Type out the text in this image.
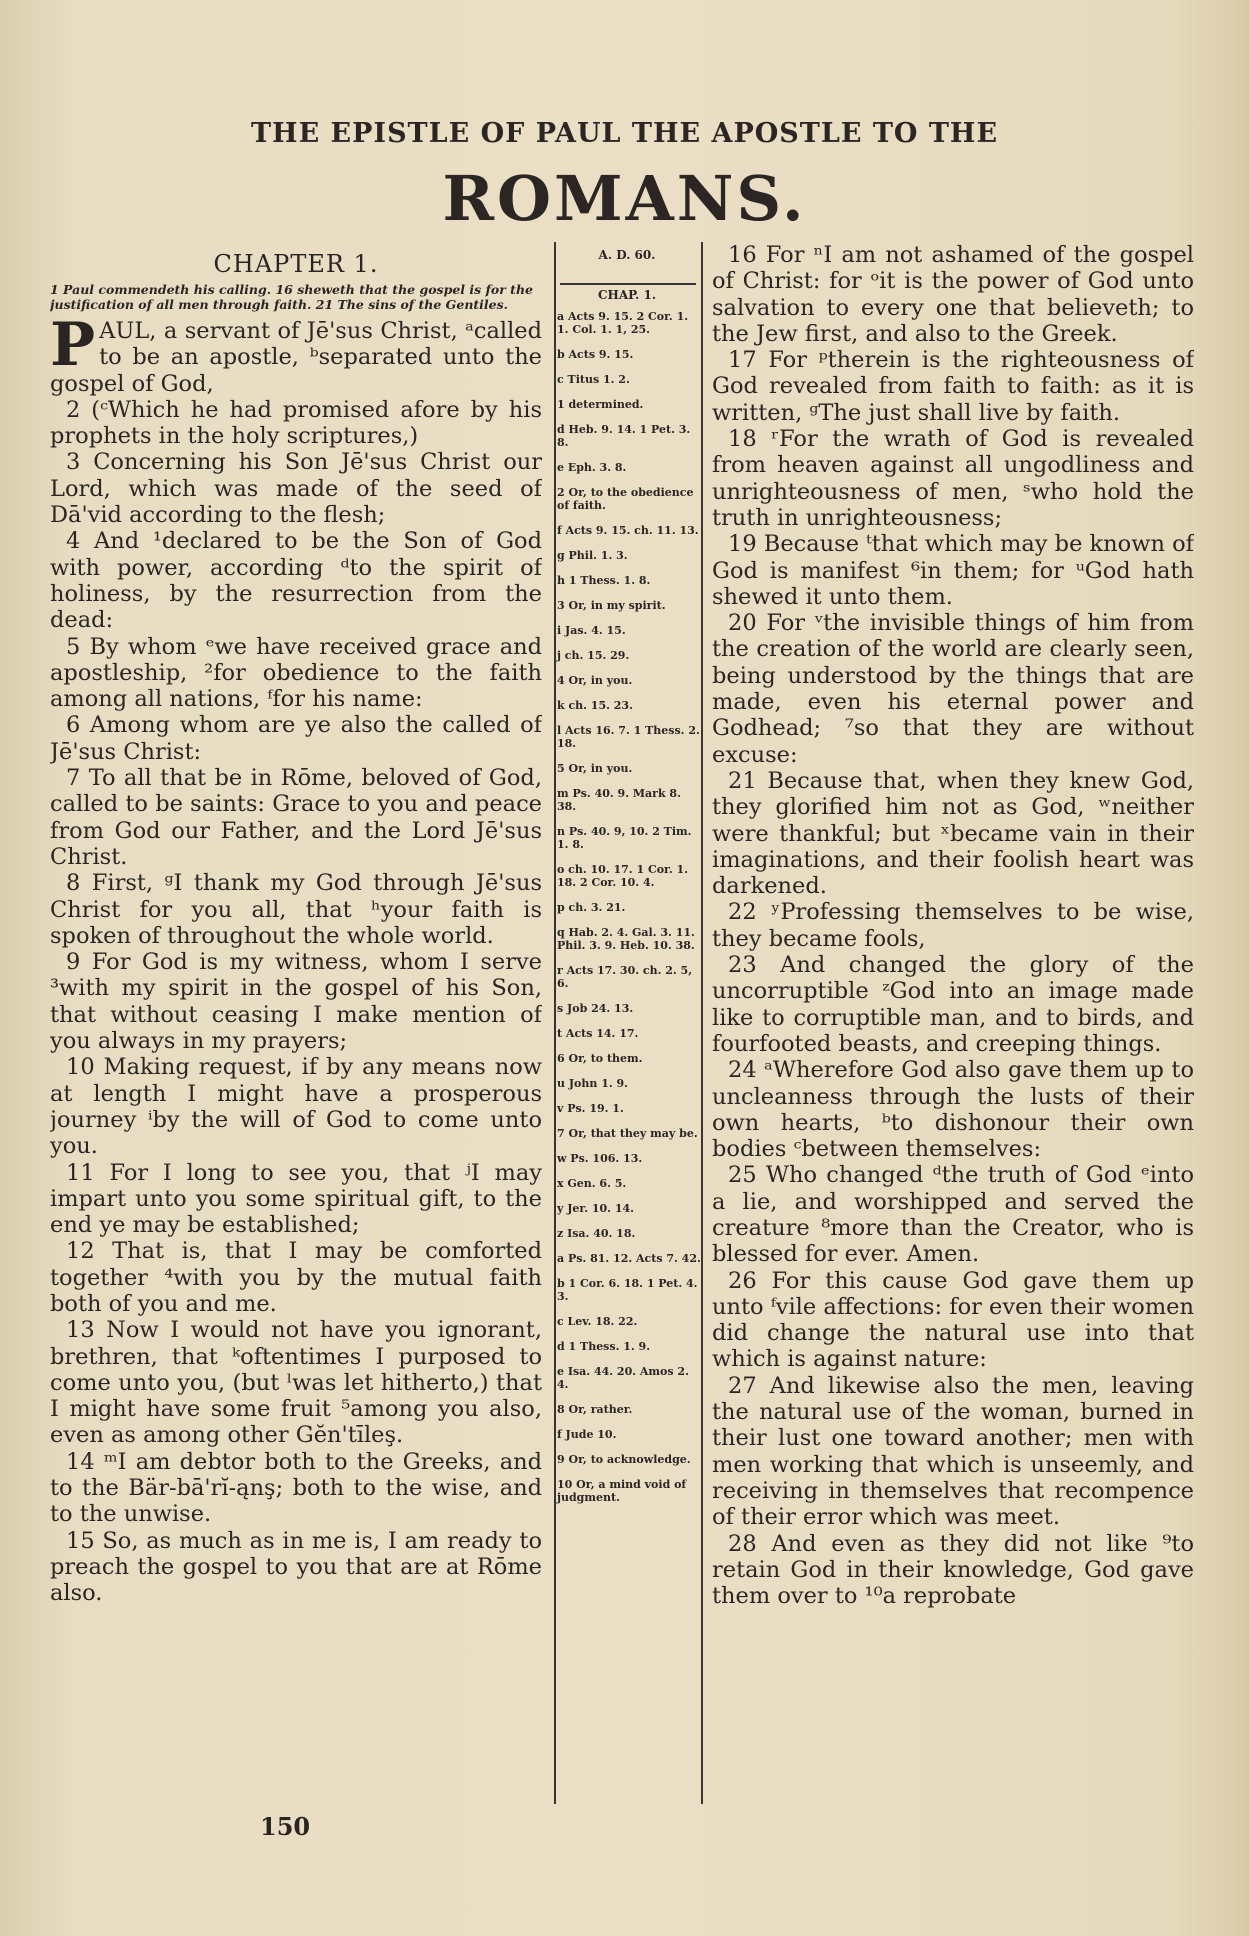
THE EPISTLE OF PAUL THE APOSTLE TO THE
ROMANS.
CHAPTER 1.

1 Paul commendeth his calling. 16 sheweth that the gospel is for the justification of all men through faith. 21 The sins of the Gentiles.

PAUL, a servant of Jē'sus Christ, ᵃcalled to be an apostle, ᵇseparated unto the gospel of God,

2 (ᶜWhich he had promised afore by his prophets in the holy scriptures,)

3 Concerning his Son Jē'sus Christ our Lord, which was made of the seed of Dā'vid according to the flesh;

4 And ¹declared to be the Son of God with power, according ᵈto the spirit of holiness, by the resurrection from the dead:

5 By whom ᵉwe have received grace and apostleship, ²for obedience to the faith among all nations, ᶠfor his name:

6 Among whom are ye also the called of Jē'sus Christ:

7 To all that be in Rōme, beloved of God, called to be saints: Grace to you and peace from God our Father, and the Lord Jē'sus Christ.

8 First, ᵍI thank my God through Jē'sus Christ for you all, that ʰyour faith is spoken of throughout the whole world.

9 For God is my witness, whom I serve ³with my spirit in the gospel of his Son, that without ceasing I make mention of you always in my prayers;

10 Making request, if by any means now at length I might have a prosperous journey ⁱby the will of God to come unto you.

11 For I long to see you, that ʲI may impart unto you some spiritual gift, to the end ye may be established;

12 That is, that I may be comforted together ⁴with you by the mutual faith both of you and me.

13 Now I would not have you ignorant, brethren, that ᵏoftentimes I purposed to come unto you, (but ˡwas let hitherto,) that I might have some fruit ⁵among you also, even as among other Gĕn'tīleş.

14 ᵐI am debtor both to the Greeks, and to the Bär-bā'rĭ-ąnş; both to the wise, and to the unwise.

15 So, as much as in me is, I am ready to preach the gospel to you that are at Rōme also.

A. D. 60.
CHAP. 1.
a Acts 9. 15. 2 Cor. 1. 1. Col. 1. 1, 25.
b Acts 9. 15.
c Titus 1. 2.
1 determined.
d Heb. 9. 14. 1 Pet. 3. 8.
e Eph. 3. 8.
2 Or, to the obedience of faith.
f Acts 9. 15. ch. 11. 13.
g Phil. 1. 3.
h 1 Thess. 1. 8.
3 Or, in my spirit.
i Jas. 4. 15.
j ch. 15. 29.
4 Or, in you.
k ch. 15. 23.
l Acts 16. 7. 1 Thess. 2. 18.
5 Or, in you.
m Ps. 40. 9. Mark 8. 38.
n Ps. 40. 9, 10. 2 Tim. 1. 8.
o ch. 10. 17. 1 Cor. 1. 18. 2 Cor. 10. 4.
p ch. 3. 21.
q Hab. 2. 4. Gal. 3. 11. Phil. 3. 9. Heb. 10. 38.
r Acts 17. 30. ch. 2. 5, 6.
s Job 24. 13.
t Acts 14. 17.
6 Or, to them.
u John 1. 9.
v Ps. 19. 1.
7 Or, that they may be.
w Ps. 106. 13.
x Gen. 6. 5.
y Jer. 10. 14.
z Isa. 40. 18.
a Ps. 81. 12. Acts 7. 42.
b 1 Cor. 6. 18. 1 Pet. 4. 3.
c Lev. 18. 22.
d 1 Thess. 1. 9.
e Isa. 44. 20. Amos 2. 4.
8 Or, rather.
f Jude 10.
9 Or, to acknowledge.
10 Or, a mind void of judgment.

16 For ⁿI am not ashamed of the gospel of Christ: for ᵒit is the power of God unto salvation to every one that believeth; to the Jew first, and also to the Greek.

17 For ᵖtherein is the righteousness of God revealed from faith to faith: as it is written, ᵍThe just shall live by faith.

18 ʳFor the wrath of God is revealed from heaven against all ungodliness and unrighteousness of men, ˢwho hold the truth in unrighteousness;

19 Because ᵗthat which may be known of God is manifest ⁶in them; for ᵘGod hath shewed it unto them.

20 For ᵛthe invisible things of him from the creation of the world are clearly seen, being understood by the things that are made, even his eternal power and Godhead; ⁷so that they are without excuse:

21 Because that, when they knew God, they glorified him not as God, ʷneither were thankful; but ˣbecame vain in their imaginations, and their foolish heart was darkened.

22 ʸProfessing themselves to be wise, they became fools,

23 And changed the glory of the uncorruptible ᶻGod into an image made like to corruptible man, and to birds, and fourfooted beasts, and creeping things.

24 ᵃWherefore God also gave them up to uncleanness through the lusts of their own hearts, ᵇto dishonour their own bodies ᶜbetween themselves:

25 Who changed ᵈthe truth of God ᵉinto a lie, and worshipped and served the creature ⁸more than the Creator, who is blessed for ever. Amen.

26 For this cause God gave them up unto ᶠvile affections: for even their women did change the natural use into that which is against nature:

27 And likewise also the men, leaving the natural use of the woman, burned in their lust one toward another; men with men working that which is unseemly, and receiving in themselves that recompence of their error which was meet.

28 And even as they did not like ⁹to retain God in their knowledge, God gave them over to ¹⁰a reprobate

150
